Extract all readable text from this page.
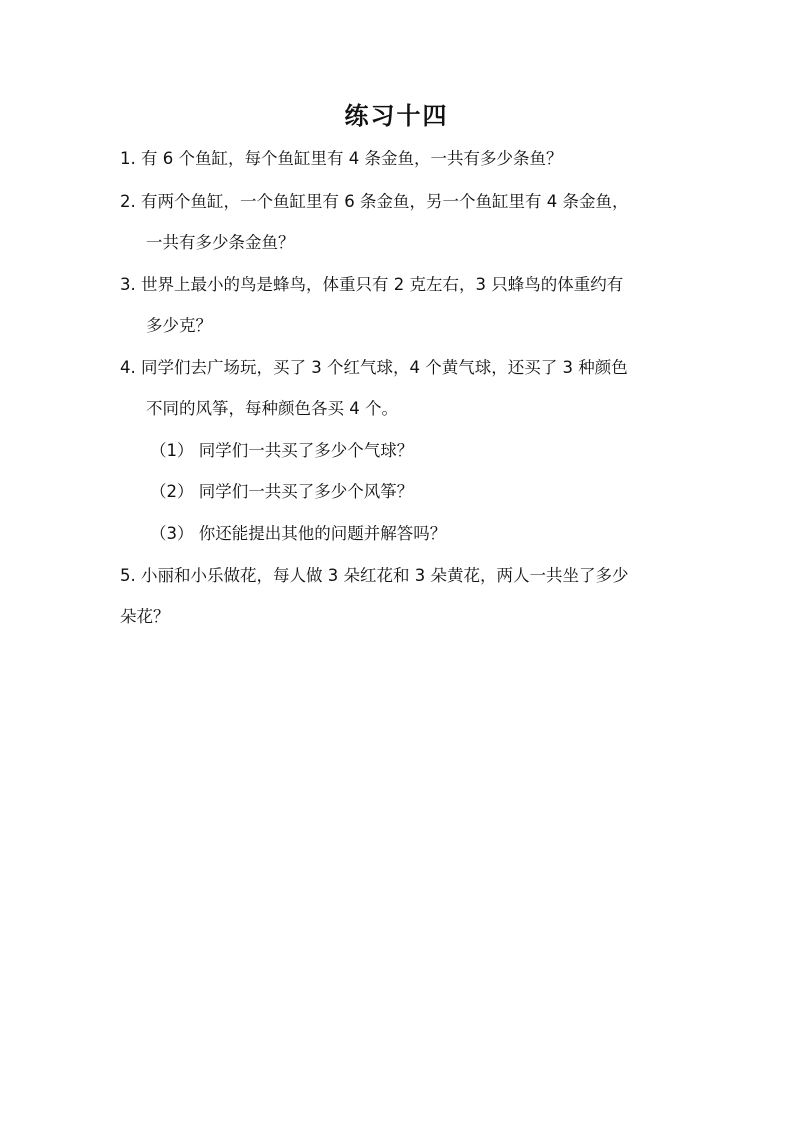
练习十四
1. 有 6 个鱼缸，每个鱼缸里有 4 条金鱼，一共有多少条鱼？
2. 有两个鱼缸，一个鱼缸里有 6 条金鱼，另一个鱼缸里有 4 条金鱼，
一共有多少条金鱼？
3. 世界上最小的鸟是蜂鸟，体重只有 2 克左右，3 只蜂鸟的体重约有
多少克？
4. 同学们去广场玩，买了 3 个红气球，4 个黄气球，还买了 3 种颜色
不同的风筝，每种颜色各买 4 个。
（1） 同学们一共买了多少个气球？
（2） 同学们一共买了多少个风筝？
（3） 你还能提出其他的问题并解答吗？
5. 小丽和小乐做花，每人做 3 朵红花和 3 朵黄花，两人一共坐了多少
朵花？
